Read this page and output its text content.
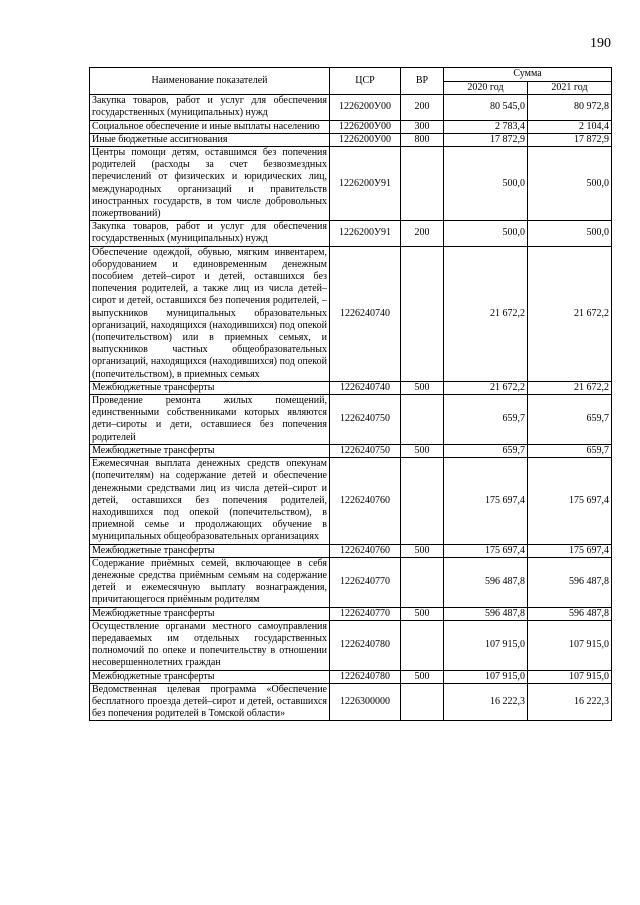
190
Наименование показателей	ЦСР	ВР	Сумма	
			2020 год	2021 год
Закупка товаров, работ и услуг для обеспечения государственных (муниципальных) нужд	1226200У00	200	80 545,0	80 972,8
Социальное обеспечение и иные выплаты населению	1226200У00	300	2 783,4	2 104,4
Иные бюджетные ассигнования	1226200У00	800	17 872,9	17 872,9
Центры помощи детям, оставшимся без попечения родителей (расходы за счет безвозмездных перечислений от физических и юридических лиц, международных организаций и правительств иностранных государств, в том числе добровольных пожертвований)	1226200У91		500,0	500,0
Закупка товаров, работ и услуг для обеспечения государственных (муниципальных) нужд	1226200У91	200	500,0	500,0
Обеспечение одеждой, обувью, мягким инвентарем, оборудованием и единовременным денежным пособием детей–сирот и детей, оставшихся без попечения родителей, а также лиц из числа детей–сирот и детей, оставшихся без попечения родителей, – выпускников муниципальных образовательных организаций, находящихся (находившихся) под опекой (попечительством) или в приемных семьях, и выпускников частных общеобразовательных организаций, находящихся (находившихся) под опекой (попечительством), в приемных семьях	1226240740		21 672,2	21 672,2
Межбюджетные трансферты	1226240740	500	21 672,2	21 672,2
Проведение ремонта жилых помещений, единственными собственниками которых являются дети–сироты и дети, оставшиеся без попечения родителей	1226240750		659,7	659,7
Межбюджетные трансферты	1226240750	500	659,7	659,7
Ежемесячная выплата денежных средств опекунам (попечителям) на содержание детей и обеспечение денежными средствами лиц из числа детей–сирот и детей, оставшихся без попечения родителей, находившихся под опекой (попечительством), в приемной семье и продолжающих обучение в муниципальных общеобразовательных организациях	1226240760		175 697,4	175 697,4
Межбюджетные трансферты	1226240760	500	175 697,4	175 697,4
Содержание приёмных семей, включающее в себя денежные средства приёмным семьям на содержание детей и ежемесячную выплату вознаграждения, причитающегося приёмным родителям	1226240770		596 487,8	596 487,8
Межбюджетные трансферты	1226240770	500	596 487,8	596 487,8
Осуществление органами местного самоуправления передаваемых им отдельных государственных полномочий по опеке и попечительству в отношении несовершеннолетних граждан	1226240780		107 915,0	107 915,0
Межбюджетные трансферты	1226240780	500	107 915,0	107 915,0
Ведомственная целевая программа «Обеспечение бесплатного проезда детей–сирот и детей, оставшихся без попечения родителей в Томской области»	1226300000		16 222,3	16 222,3
